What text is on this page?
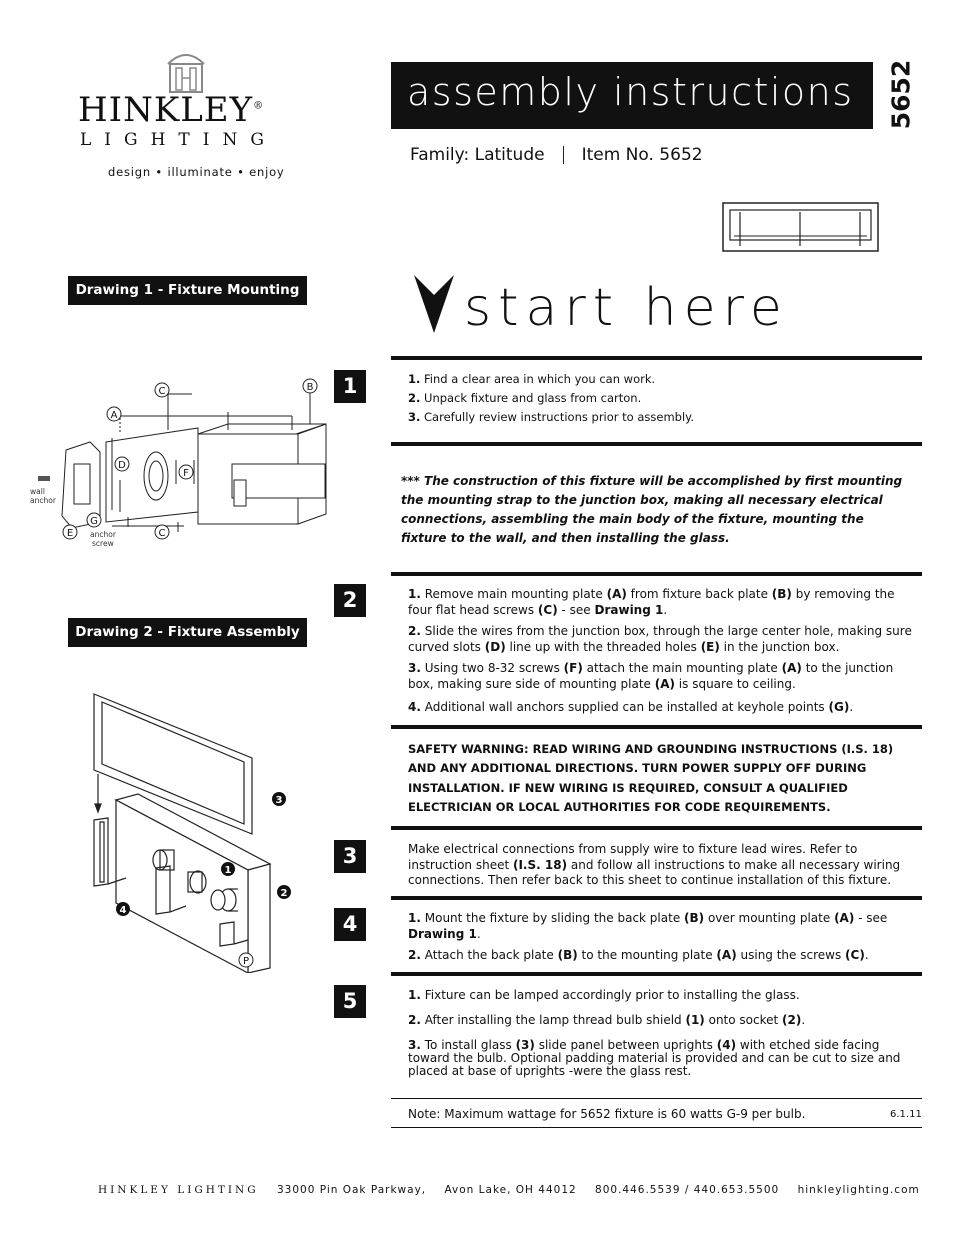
HINKLEY®
LIGHTING
design • illuminate • enjoy
assembly instructions 5652
Family: Latitude Item No. 5652
Drawing 1 - Fixture Mounting
Drawing 2 - Fixture Assembly
start here
C	B
A
D
F
G
E	C
wall
anchor
anchor
screw
3
1
2
4
P
1	1. Find a clear area in which you can work.

2. Unpack fixture and glass from carton.

3. Carefully review instructions prior to assembly.

*** The construction of this fixture will be accomplished by first mounting the mounting strap to the junction box, making all necessary electrical connections, assembling the main body of the fixture, mounting the fixture to the wall, and then installing the glass.
2	1. Remove main mounting plate (A) from fixture back plate (B) by removing the four flat head screws (C) - see Drawing 1.

2. Slide the wires from the junction box, through the large center hole, making sure curved slots (D) line up with the threaded holes (E) in the junction box.

3. Using two 8-32 screws (F) attach the main mounting plate (A) to the junction box, making sure side of mounting plate (A) is square to ceiling.

4. Additional wall anchors supplied can be installed at keyhole points (G).

SAFETY WARNING: READ WIRING AND GROUNDING INSTRUCTIONS (I.S. 18) AND ANY ADDITIONAL DIRECTIONS. TURN POWER SUPPLY OFF DURING INSTALLATION. IF NEW WIRING IS REQUIRED, CONSULT A QUALIFIED ELECTRICIAN OR LOCAL AUTHORITIES FOR CODE REQUIREMENTS.
3	Make electrical connections from supply wire to fixture lead wires. Refer to instruction sheet (I.S. 18) and follow all instructions to make all necessary wiring connections. Then refer back to this sheet to continue installation of this fixture.

4	1. Mount the fixture by sliding the back plate (B) over mounting plate (A) - see Drawing 1.

2. Attach the back plate (B) to the mounting plate (A) using the screws (C).

5	1. Fixture can be lamped accordingly prior to installing the glass.

2. After installing the lamp thread bulb shield (1) onto socket (2).

3. To install glass (3) slide panel between uprights (4) with etched side facing toward the bulb. Optional padding material is provided and can be cut to size and placed at base of uprights -were the glass rest.

Note: Maximum wattage for 5652 fixture is 60 watts G-9 per bulb.	6.1.11
HINKLEY LIGHTING 33000 Pin Oak Parkway, Avon Lake, OH 44012 800.446.5539 / 440.653.5500 hinkleylighting.com
